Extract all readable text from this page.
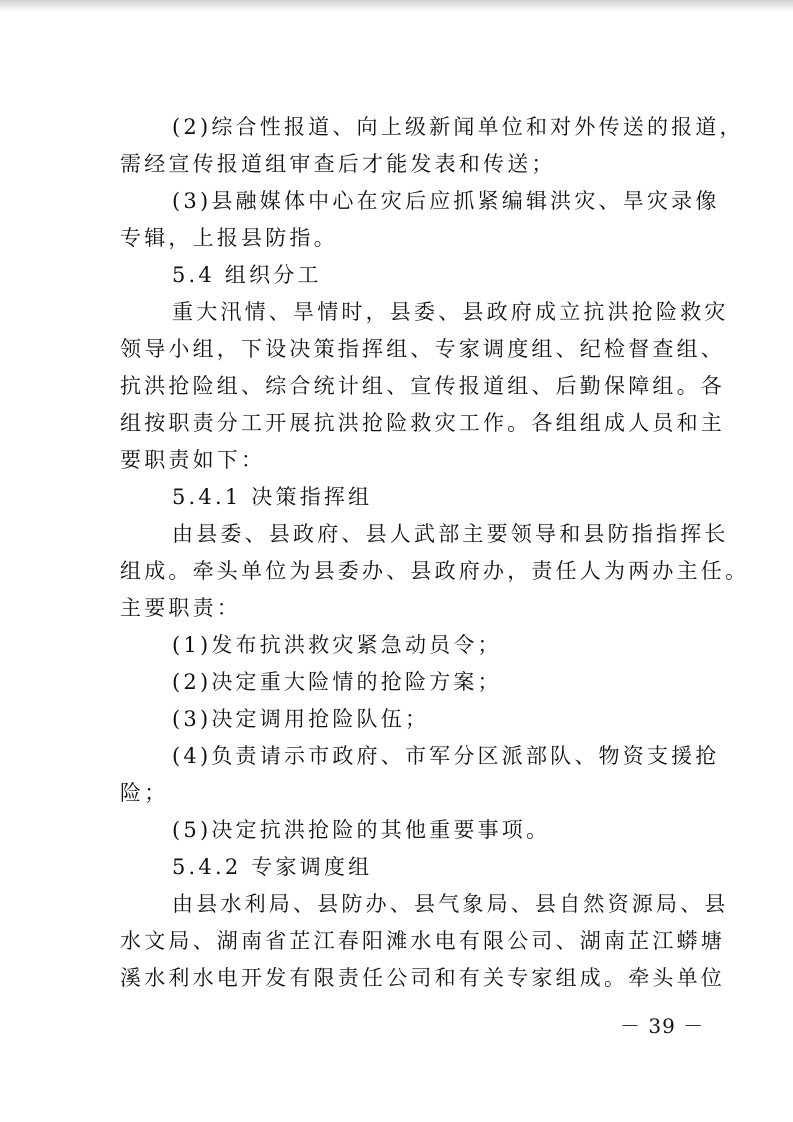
(2)综合性报道、向上级新闻单位和对外传送的报道，
需经宣传报道组审查后才能发表和传送；
(3)县融媒体中心在灾后应抓紧编辑洪灾、旱灾录像
专辑，上报县防指。
5.4 组织分工
重大汛情、旱情时，县委、县政府成立抗洪抢险救灾
领导小组，下设决策指挥组、专家调度组、纪检督查组、
抗洪抢险组、综合统计组、宣传报道组、后勤保障组。各
组按职责分工开展抗洪抢险救灾工作。各组组成人员和主
要职责如下：
5.4.1 决策指挥组
由县委、县政府、县人武部主要领导和县防指指挥长
组成。牵头单位为县委办、县政府办，责任人为两办主任。
主要职责：
(1)发布抗洪救灾紧急动员令；
(2)决定重大险情的抢险方案；
(3)决定调用抢险队伍；
(4)负责请示市政府、市军分区派部队、物资支援抢
险；
(5)决定抗洪抢险的其他重要事项。
5.4.2 专家调度组
由县水利局、县防办、县气象局、县自然资源局、县
水文局、湖南省芷江春阳滩水电有限公司、湖南芷江蟒塘
溪水利水电开发有限责任公司和有关专家组成。牵头单位
－ 39 －
